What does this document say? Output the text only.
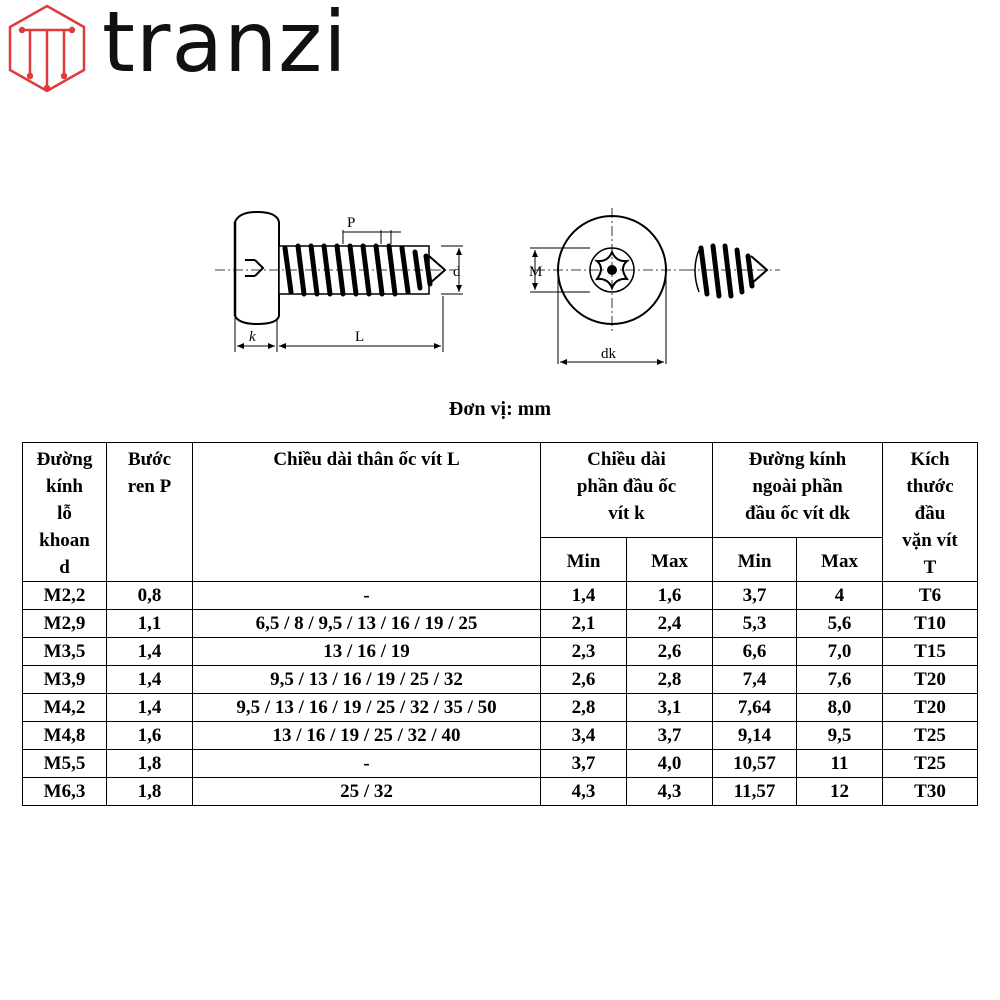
tranzi
P
d
k	L
M
dk
Đơn vị: mm
Đường
kính
lỗ
khoan
d	Bước
ren P	Chiều dài thân ốc vít L	Chiều dài
phần đầu ốc
vít k		Đường kính
ngoài phần
đầu ốc vít dk		Kích
thước
đầu
vặn vít
T
			Min	Max	Min	Max	
M2,2	0,8	-	1,4	1,6	3,7	4	T6
M2,9	1,1	6,5 / 8 / 9,5 / 13 / 16 / 19 / 25	2,1	2,4	5,3	5,6	T10
M3,5	1,4	13 / 16 / 19	2,3	2,6	6,6	7,0	T15
M3,9	1,4	9,5 / 13 / 16 / 19 / 25 / 32	2,6	2,8	7,4	7,6	T20
M4,2	1,4	9,5 / 13 / 16 / 19 / 25 / 32 / 35 / 50	2,8	3,1	7,64	8,0	T20
M4,8	1,6	13 / 16 / 19 / 25 / 32 / 40	3,4	3,7	9,14	9,5	T25
M5,5	1,8	-	3,7	4,0	10,57	11	T25
M6,3	1,8	25 / 32	4,3	4,3	11,57	12	T30
